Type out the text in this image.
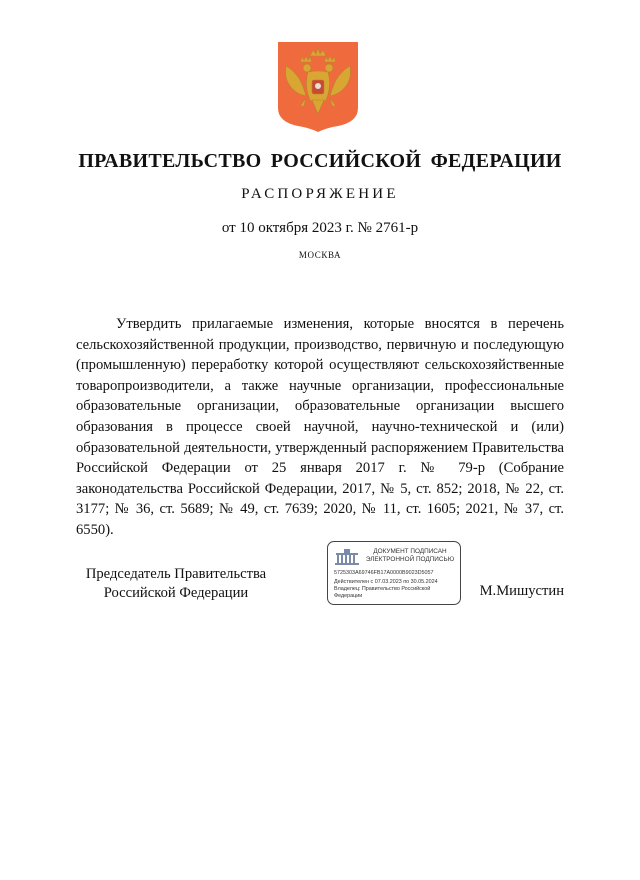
ПРАВИТЕЛЬСТВО РОССИЙСКОЙ ФЕДЕРАЦИИ
РАСПОРЯЖЕНИЕ
от 10 октября 2023 г. № 2761-р
МОСКВА

Утвердить прилагаемые изменения, которые вносятся в перечень сельскохозяйственной продукции, производство, первичную и последующую (промышленную) переработку которой осуществляют сельскохозяйственные товаропроизводители, а также научные организации, профессиональные образовательные организации, образовательные организации высшего образования в процессе своей научной, научно-технической и (или) образовательной деятельности, утвержденный распоряжением Правительства Российской Федерации от 25 января 2017 г. № 79-р (Собрание законодательства Российской Федерации, 2017, № 5, ст. 852; 2018, № 22, ст. 3177; № 36, ст. 5689; № 49, ст. 7639; 2020, № 11, ст. 1605; 2021, № 37, ст. 6550).

Председатель Правительства
Российской Федерации
ДОКУМЕНТ ПОДПИСАН
ЭЛЕКТРОННОЙ ПОДПИСЬЮ
5725303A69746FB17A0000B9023D5057
Действителен с 07.03.2023 по 30.05.2024
Владелец: Правительство Российской
Федерации	М.Мишустин
